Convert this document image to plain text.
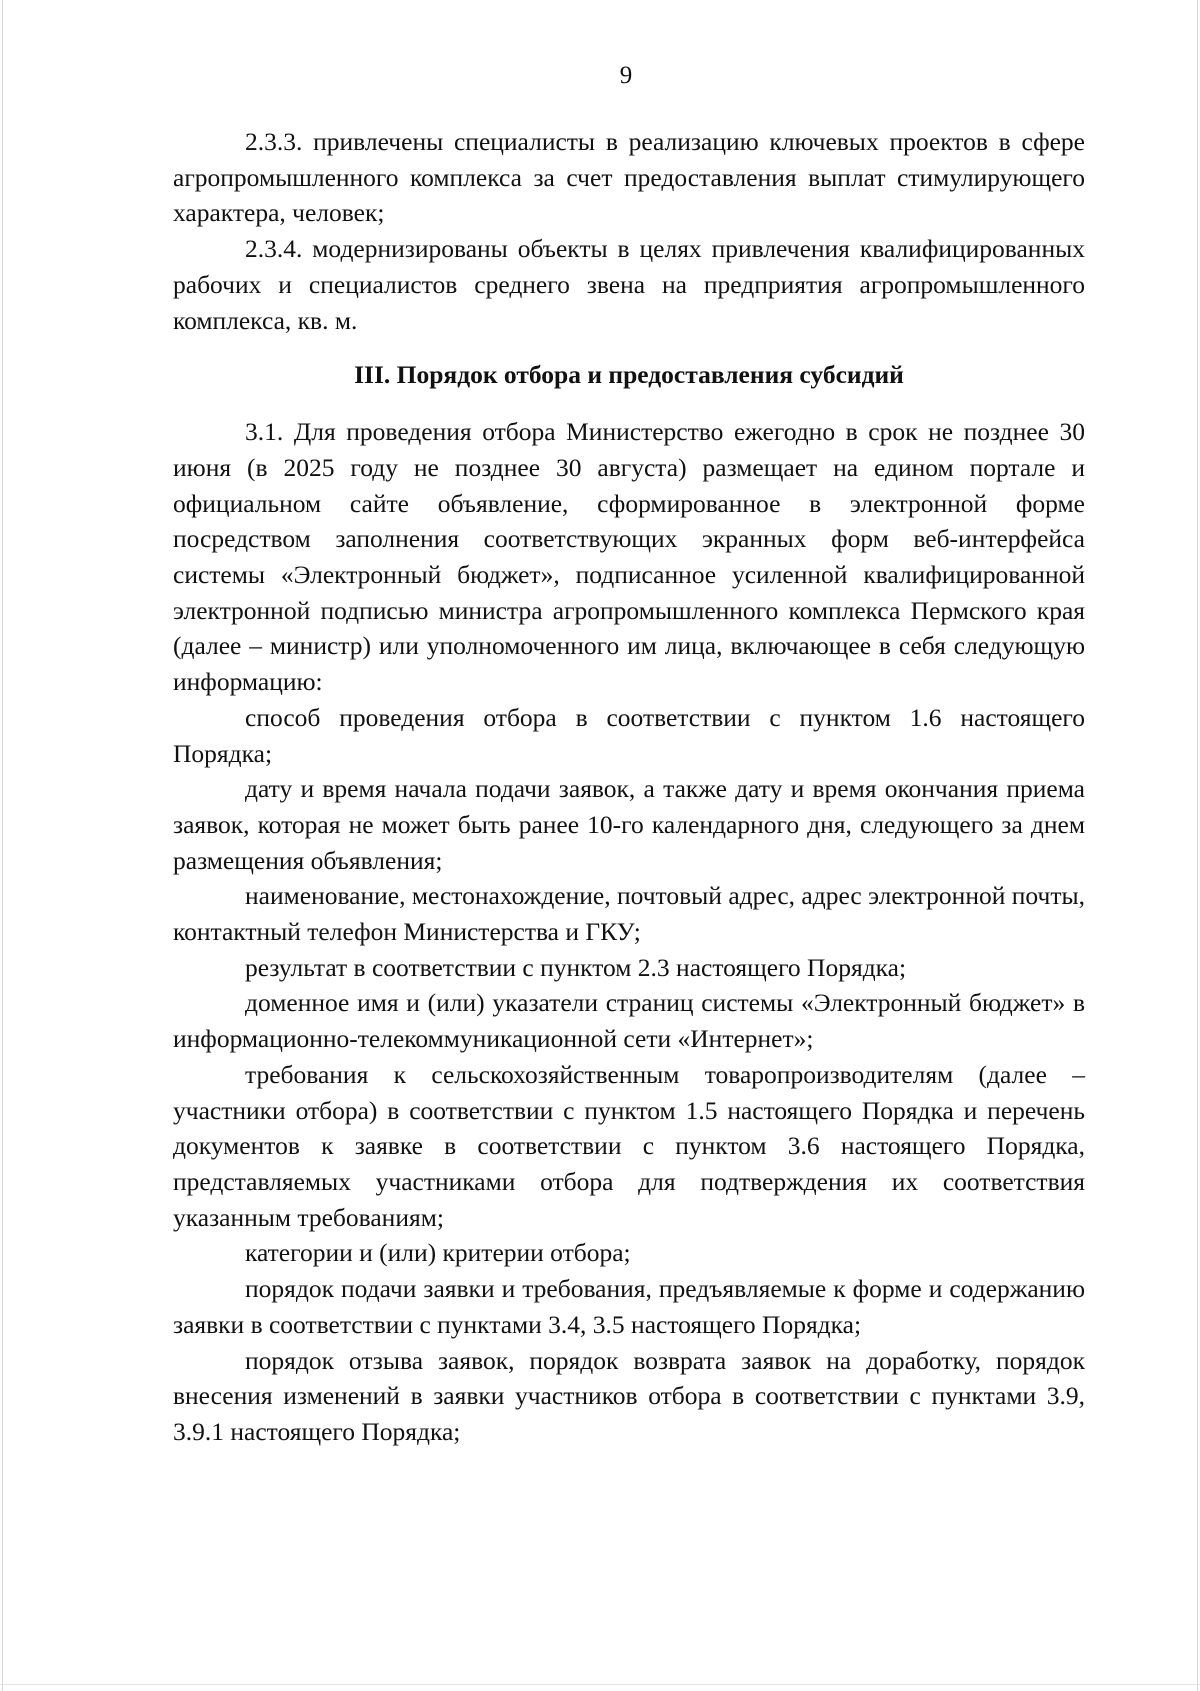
9

2.3.3. привлечены специалисты в реализацию ключевых проектов в сфере агропромышленного комплекса за счет предоставления выплат стимулирующего характера, человек;

2.3.4. модернизированы объекты в целях привлечения квалифицированных рабочих и специалистов среднего звена на предприятия агропромышленного комплекса, кв. м.

III. Порядок отбора и предоставления субсидий

3.1. Для проведения отбора Министерство ежегодно в срок не позднее 30 июня (в 2025 году не позднее 30 августа) размещает на едином портале и официальном сайте объявление, сформированное в электронной форме посредством заполнения соответствующих экранных форм веб-интерфейса системы «Электронный бюджет», подписанное усиленной квалифицированной электронной подписью министра агропромышленного комплекса Пермского края (далее – министр) или уполномоченного им лица, включающее в себя следующую информацию:

способ проведения отбора в соответствии с пунктом 1.6 настоящего Порядка;

дату и время начала подачи заявок, а также дату и время окончания приема заявок, которая не может быть ранее 10-го календарного дня, следующего за днем размещения объявления;

наименование, местонахождение, почтовый адрес, адрес электронной почты, контактный телефон Министерства и ГКУ;

результат в соответствии с пунктом 2.3 настоящего Порядка;

доменное имя и (или) указатели страниц системы «Электронный бюджет» в информационно-телекоммуникационной сети «Интернет»;

требования к сельскохозяйственным товаропроизводителям (далее – участники отбора) в соответствии с пунктом 1.5 настоящего Порядка и перечень документов к заявке в соответствии с пунктом 3.6 настоящего Порядка, представляемых участниками отбора для подтверждения их соответствия указанным требованиям;

категории и (или) критерии отбора;

порядок подачи заявки и требования, предъявляемые к форме и содержанию заявки в соответствии с пунктами 3.4, 3.5 настоящего Порядка;

порядок отзыва заявок, порядок возврата заявок на доработку, порядок внесения изменений в заявки участников отбора в соответствии с пунктами 3.9, 3.9.1 настоящего Порядка;
